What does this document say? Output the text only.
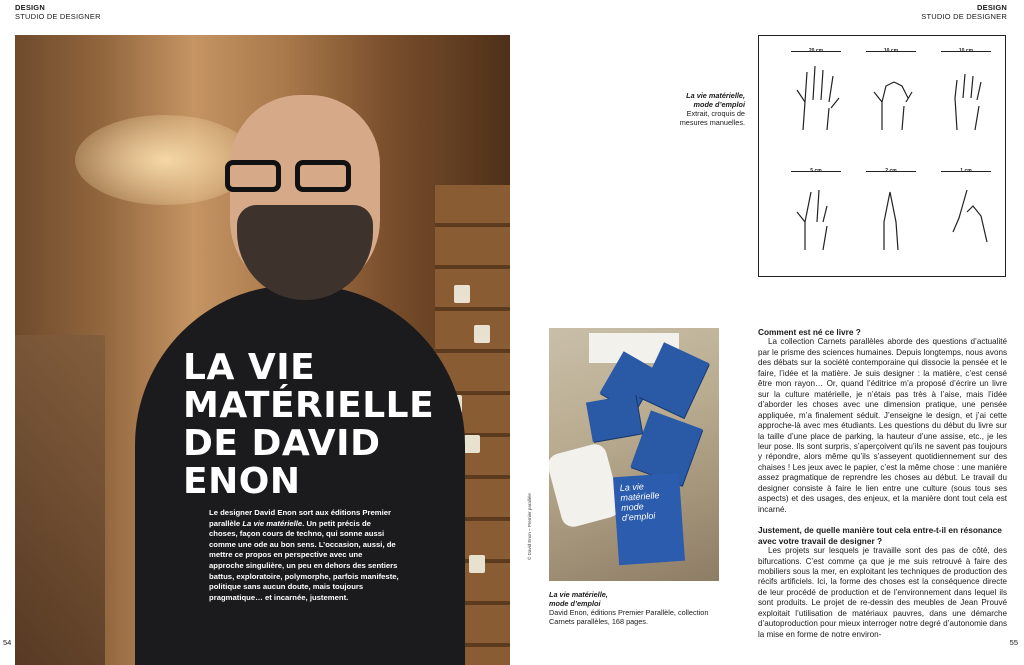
DESIGN
STUDIO DE DESIGNER
DESIGN
STUDIO DE DESIGNER
LA VIE
MATÉRIELLE
DE DAVID
ENON

Le designer David Enon sort aux éditions Premier parallèle La vie matérielle. Un petit précis de choses, façon cours de techno, qui sonne aussi comme une ode au bon sens. L’occasion, aussi, de mettre ce propos en perspective avec une approche singulière, un peu en dehors des sentiers battus, exploratoire, polymorphe, parfois manifeste, politique sans aucun doute, mais toujours pragmatique… et incarnée, justement.

54	55
20 cm	10 cm	10 cm
5 cm	2 cm	1 cm
La vie matérielle,
mode d’emploi
Extrait, croquis de mesures manuelles.
La vie matérielle mode d’emploi
© David Enon – Premier parallèle
La vie matérielle,
mode d’emploi
David Enon, éditions Premier Parallèle, collection Carnets parallèles, 168 pages.
Comment est né ce livre ?

La collection Carnets parallèles aborde des questions d’actualité par le prisme des sciences humaines. Depuis longtemps, nous avons des débats sur la société contemporaine qui dissocie la pensée et le faire, l’idée et la matière. Je suis designer : la matière, c’est censé être mon rayon… Or, quand l’éditrice m’a proposé d’écrire un livre sur la culture matérielle, je n’étais pas très à l’aise, mais l’idée d’aborder les choses avec une dimension pratique, une pensée appliquée, m’a finalement séduit. J’enseigne le design, et j’ai cette approche-là avec mes étudiants. Les questions du début du livre sur la taille d’une place de parking, la hauteur d’une assise, etc., je les leur pose. Ils sont surpris, s’aperçoivent qu’ils ne savent pas toujours y répondre, alors même qu’ils s’asseyent quotidiennement sur des chaises ! Les jeux avec le papier, c’est la même chose : une manière assez pragmatique de reprendre les choses au début. Le travail du designer consiste à faire le lien entre une culture (sous tous ses aspects) et des usages, des enjeux, et la manière dont tout cela est incarné.

Justement, de quelle manière tout cela entre-t-il en résonance avec votre travail de designer ?

Les projets sur lesquels je travaille sont des pas de côté, des bifurcations. C’est comme ça que je me suis retrouvé à faire des mobiliers sous la mer, en exploitant les techniques de production des récifs artificiels. Ici, la forme des choses est la conséquence directe de leur procédé de production et de l’environnement dans lequel ils sont produits. Le projet de re-dessin des meubles de Jean Prouvé exploitait l’utilisation de matériaux pauvres, dans une démarche d’autoproduction pour mieux interroger notre degré d’autonomie dans la mise en forme de notre environ-
